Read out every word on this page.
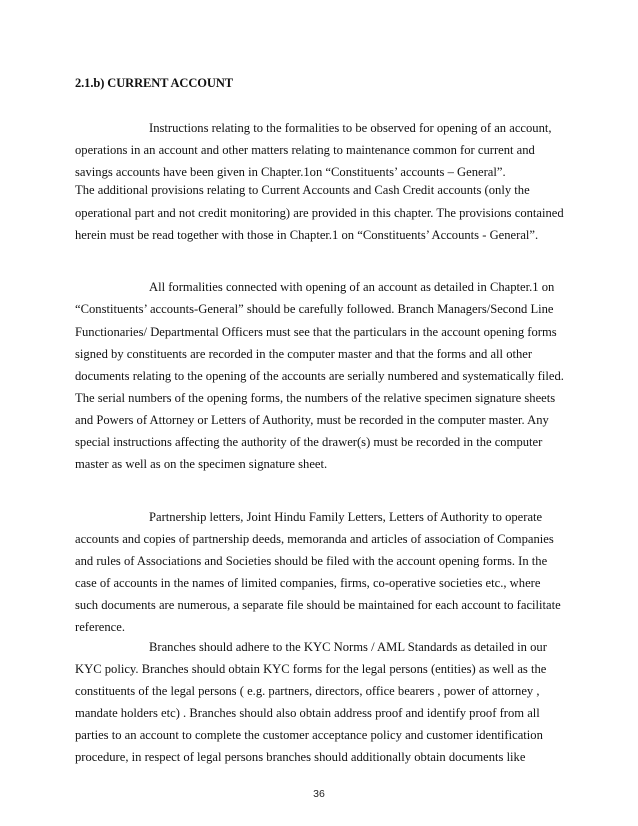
2.1.b) CURRENT ACCOUNT

Instructions relating to the formalities to be observed for opening of an account,

operations in an account and other matters relating to maintenance common for current and

savings accounts have been given in Chapter.1on “Constituents’ accounts – General”.

The additional provisions relating to Current Accounts and Cash Credit accounts (only the

operational part and not credit monitoring) are provided in this chapter. The provisions contained

herein must be read together with those in Chapter.1 on “Constituents’ Accounts - General”.

All formalities connected with opening of an account as detailed in Chapter.1 on

“Constituents’ accounts-General” should be carefully followed. Branch Managers/Second Line

Functionaries/ Departmental Officers must see that the particulars in the account opening forms

signed by constituents are recorded in the computer master and that the forms and all other

documents relating to the opening of the accounts are serially numbered and systematically filed.

The serial numbers of the opening forms, the numbers of the relative specimen signature sheets

and Powers of Attorney or Letters of Authority, must be recorded in the computer master. Any

special instructions affecting the authority of the drawer(s) must be recorded in the computer

master as well as on the specimen signature sheet.

Partnership letters, Joint Hindu Family Letters, Letters of Authority to operate

accounts and copies of partnership deeds, memoranda and articles of association of Companies

and rules of Associations and Societies should be filed with the account opening forms. In the

case of accounts in the names of limited companies, firms, co-operative societies etc., where

such documents are numerous, a separate file should be maintained for each account to facilitate

reference.

Branches should adhere to the KYC Norms / AML Standards as detailed in our

KYC policy. Branches should obtain KYC forms for the legal persons (entities) as well as the

constituents of the legal persons ( e.g. partners, directors, office bearers , power of attorney ,

mandate holders etc) . Branches should also obtain address proof and identify proof from all

parties to an account to complete the customer acceptance policy and customer identification

procedure, in respect of legal persons branches should additionally obtain documents like

36
